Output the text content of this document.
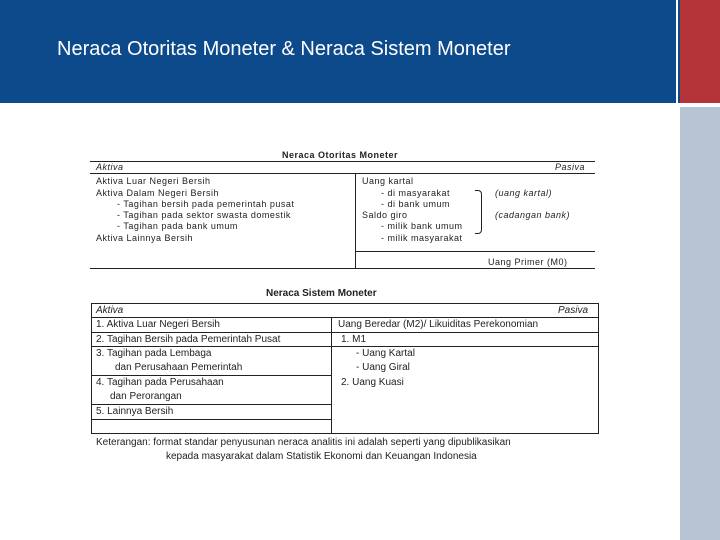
Neraca Otoritas Moneter & Neraca Sistem Moneter
Neraca Otoritas Moneter
Aktiva	Pasiva
Aktiva Luar Negeri Bersih
Aktiva Dalam Negeri Bersih
- Tagihan bersih pada pemerintah pusat
- Tagihan pada sektor swasta domestik
- Tagihan pada bank umum
Aktiva Lainnya Bersih
Uang kartal
- di masyarakat
- di bank umum
Saldo giro
- milik bank umum
- milik masyarakat
(uang kartal)
(cadangan bank)
Uang Primer (M0)
Neraca Sistem Moneter
Aktiva	Pasiva
1. Aktiva Luar Negeri Bersih
2. Tagihan Bersih pada Pemerintah Pusat
3. Tagihan pada Lembaga
dan Perusahaan Pemerintah
4. Tagihan pada Perusahaan
dan Perorangan
5. Lainnya Bersih
Uang Beredar (M2)/ Likuiditas Perekonomian
1. M1
- Uang Kartal
- Uang Giral
2. Uang Kuasi
Keterangan: format standar penyusunan neraca analitis ini adalah seperti yang dipublikasikan
kepada masyarakat dalam Statistik Ekonomi dan Keuangan Indonesia
